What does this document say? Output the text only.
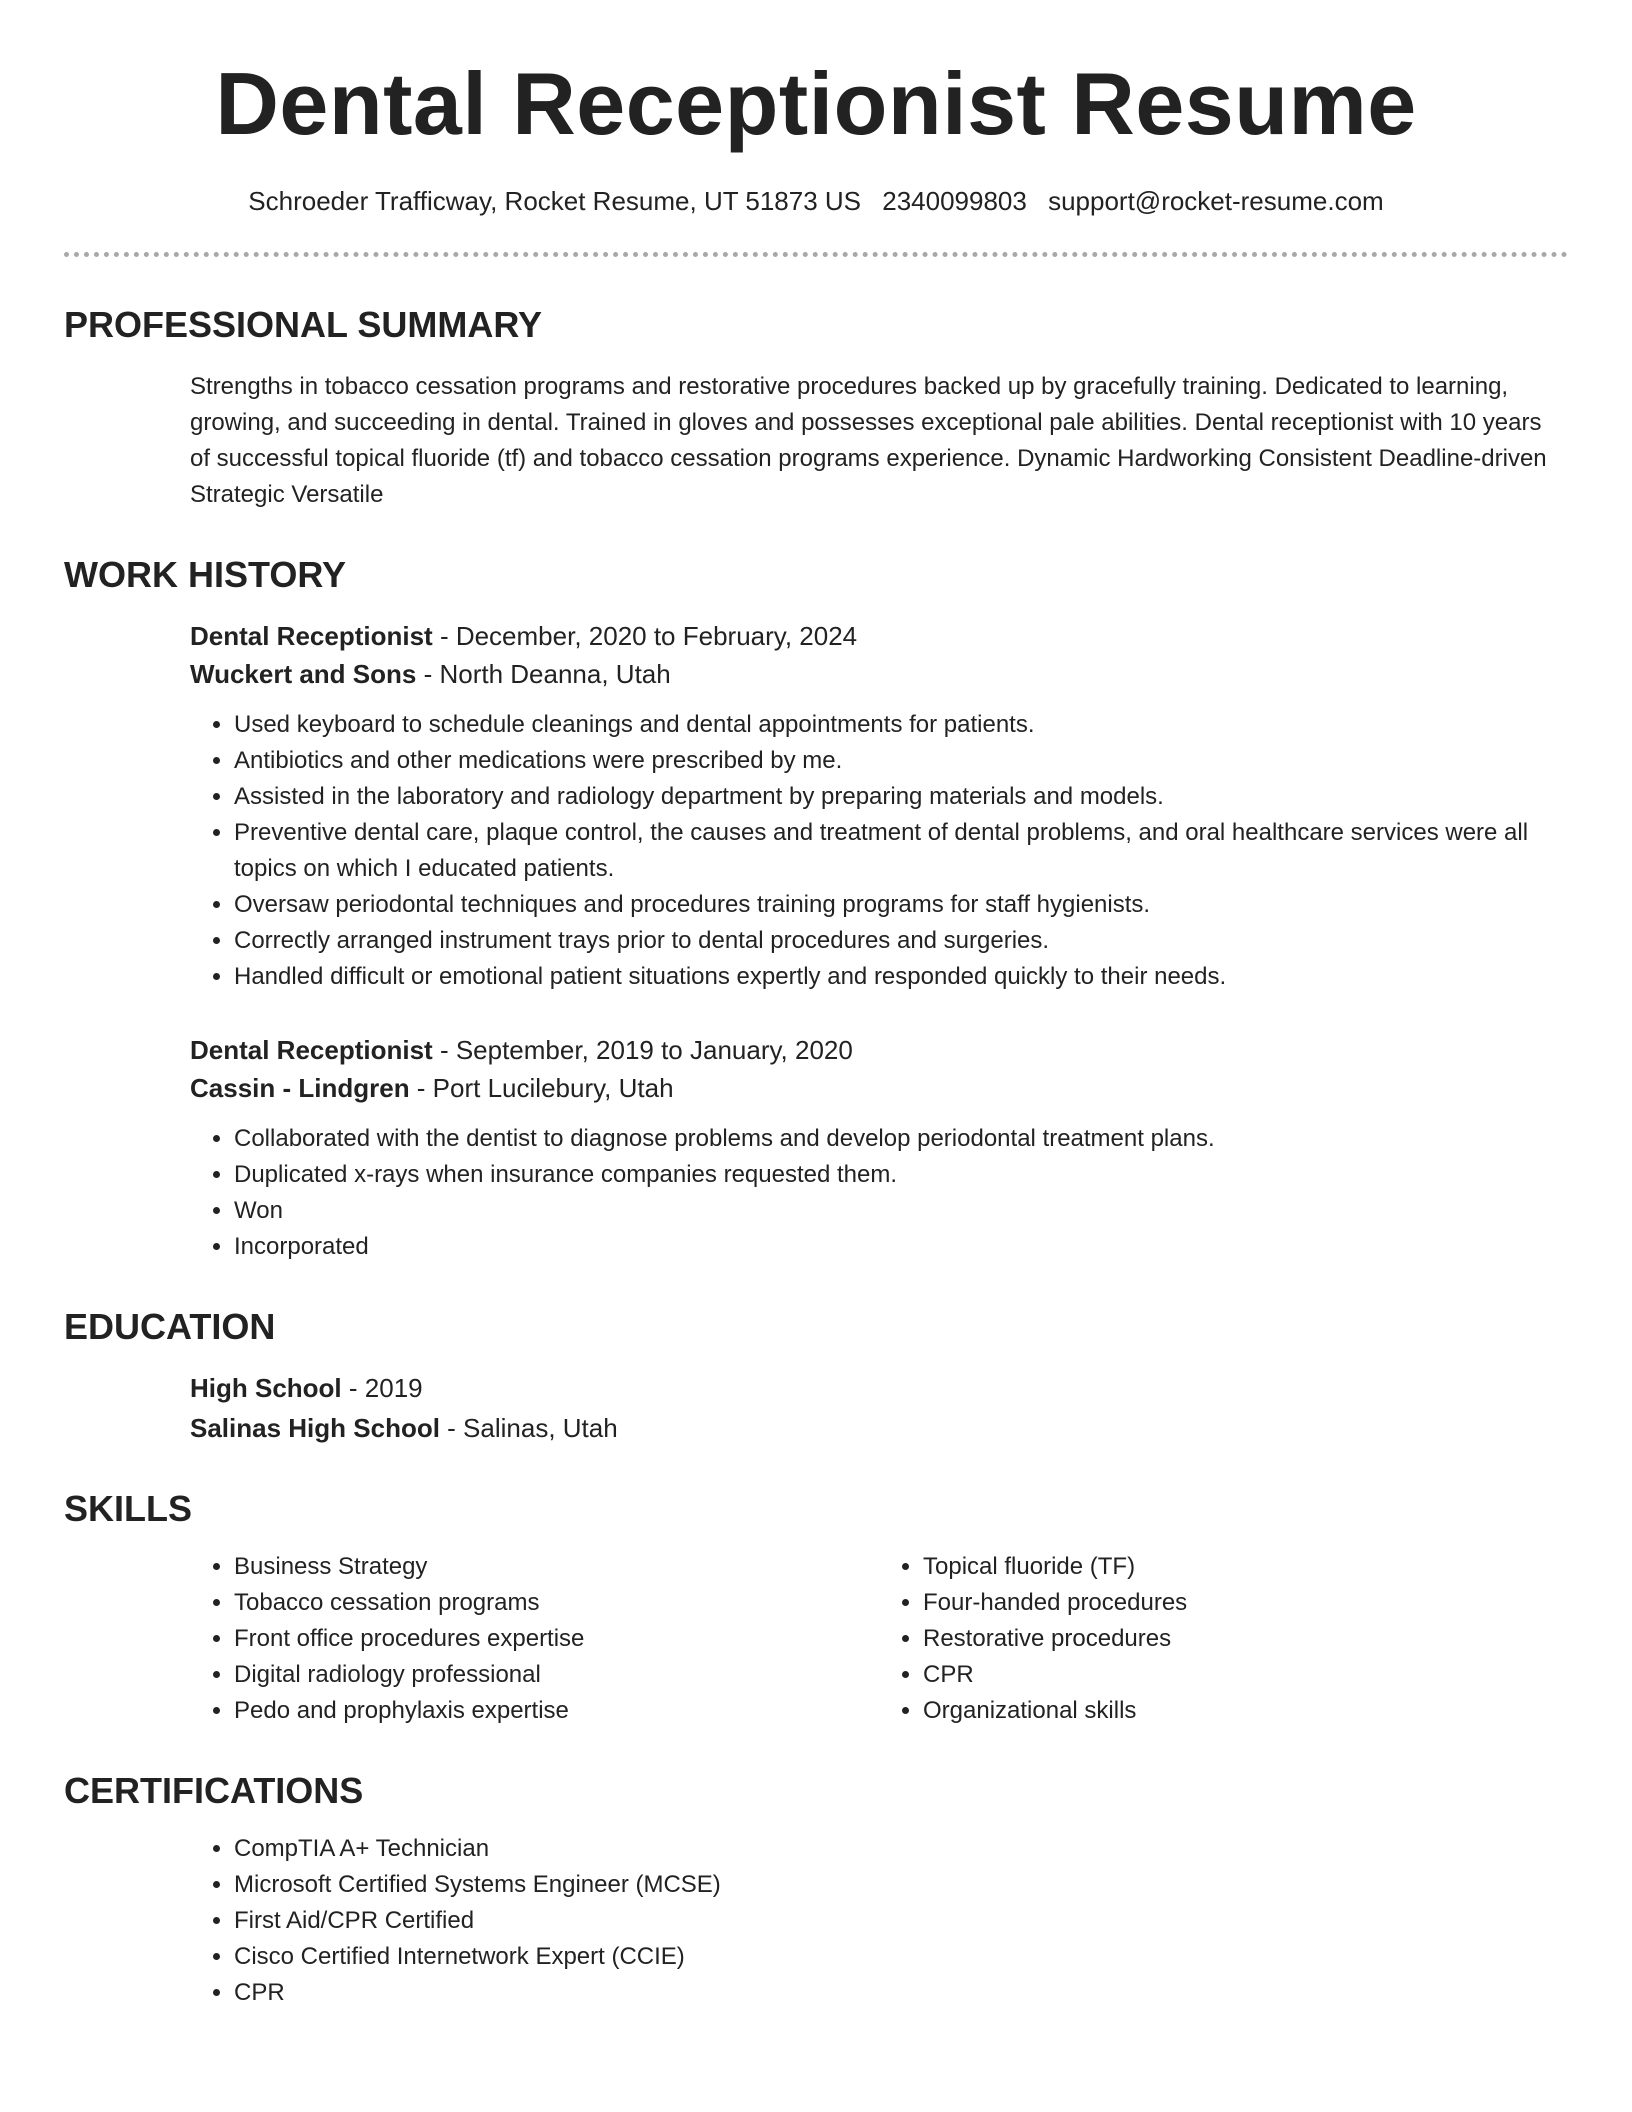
Dental Receptionist Resume
Schroeder Trafficway, Rocket Resume, UT 51873 US 2340099803 support@rocket-resume.com
PROFESSIONAL SUMMARY
Strengths in tobacco cessation programs and restorative procedures backed up by gracefully training. Dedicated to learning, growing, and succeeding in dental. Trained in gloves and possesses exceptional pale abilities. Dental receptionist with 10 years of successful topical fluoride (tf) and tobacco cessation programs experience. Dynamic Hardworking Consistent Deadline-driven Strategic Versatile
WORK HISTORY
Dental Receptionist - December, 2020 to February, 2024
Wuckert and Sons - North Deanna, Utah
• Used keyboard to schedule cleanings and dental appointments for patients.
• Antibiotics and other medications were prescribed by me.
• Assisted in the laboratory and radiology department by preparing materials and models.
• Preventive dental care, plaque control, the causes and treatment of dental problems, and oral healthcare services were all topics on which I educated patients.
• Oversaw periodontal techniques and procedures training programs for staff hygienists.
• Correctly arranged instrument trays prior to dental procedures and surgeries.
• Handled difficult or emotional patient situations expertly and responded quickly to their needs.
Dental Receptionist - September, 2019 to January, 2020
Cassin - Lindgren - Port Lucilebury, Utah
• Collaborated with the dentist to diagnose problems and develop periodontal treatment plans.
• Duplicated x-rays when insurance companies requested them.
• Won
• Incorporated
EDUCATION
High School - 2019
Salinas High School - Salinas, Utah
SKILLS
• Business Strategy
• Tobacco cessation programs
• Front office procedures expertise
• Digital radiology professional
• Pedo and prophylaxis expertise
• Topical fluoride (TF)
• Four-handed procedures
• Restorative procedures
• CPR
• Organizational skills
CERTIFICATIONS
• CompTIA A+ Technician
• Microsoft Certified Systems Engineer (MCSE)
• First Aid/CPR Certified
• Cisco Certified Internetwork Expert (CCIE)
• CPR
